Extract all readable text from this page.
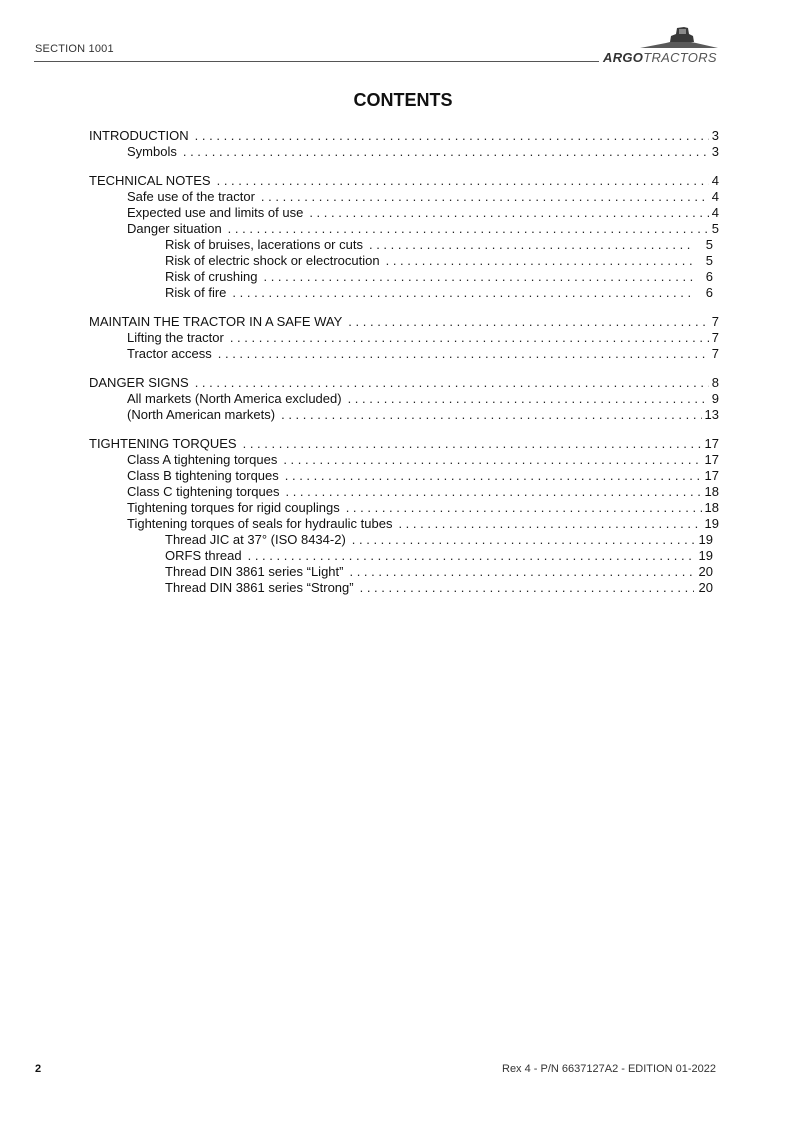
SECTION 1001
ARGOTRACTORS
CONTENTS
INTRODUCTION . . .	3
Symbols . . .	3
TECHNICAL NOTES . . .	4
Safe use of the tractor . . .	4
Expected use and limits of use . . .	4
Danger situation . . .	5
Risk of bruises, lacerations or cuts . . .	5
Risk of electric shock or electrocution . . .	5
Risk of crushing . . .	6
Risk of fire . . .	6
MAINTAIN THE TRACTOR IN A SAFE WAY . . .	7
Lifting the tractor . . .	7
Tractor access . . .	7
DANGER SIGNS . . .	8
All markets (North America excluded) . . .	9
(North American markets) . . .	13
TIGHTENING TORQUES . . .	17
Class A tightening torques . . .	17
Class B tightening torques . . .	17
Class C tightening torques . . .	18
Tightening torques for rigid couplings . . .	18
Tightening torques of seals for hydraulic tubes . . .	19
Thread JIC at 37° (ISO 8434-2) . . .	19
ORFS thread . . .	19
Thread DIN 3861 series “Light” . . .	20
Thread DIN 3861 series “Strong” . . .	20
2	Rex 4 - P/N 6637127A2 - EDITION 01-2022
